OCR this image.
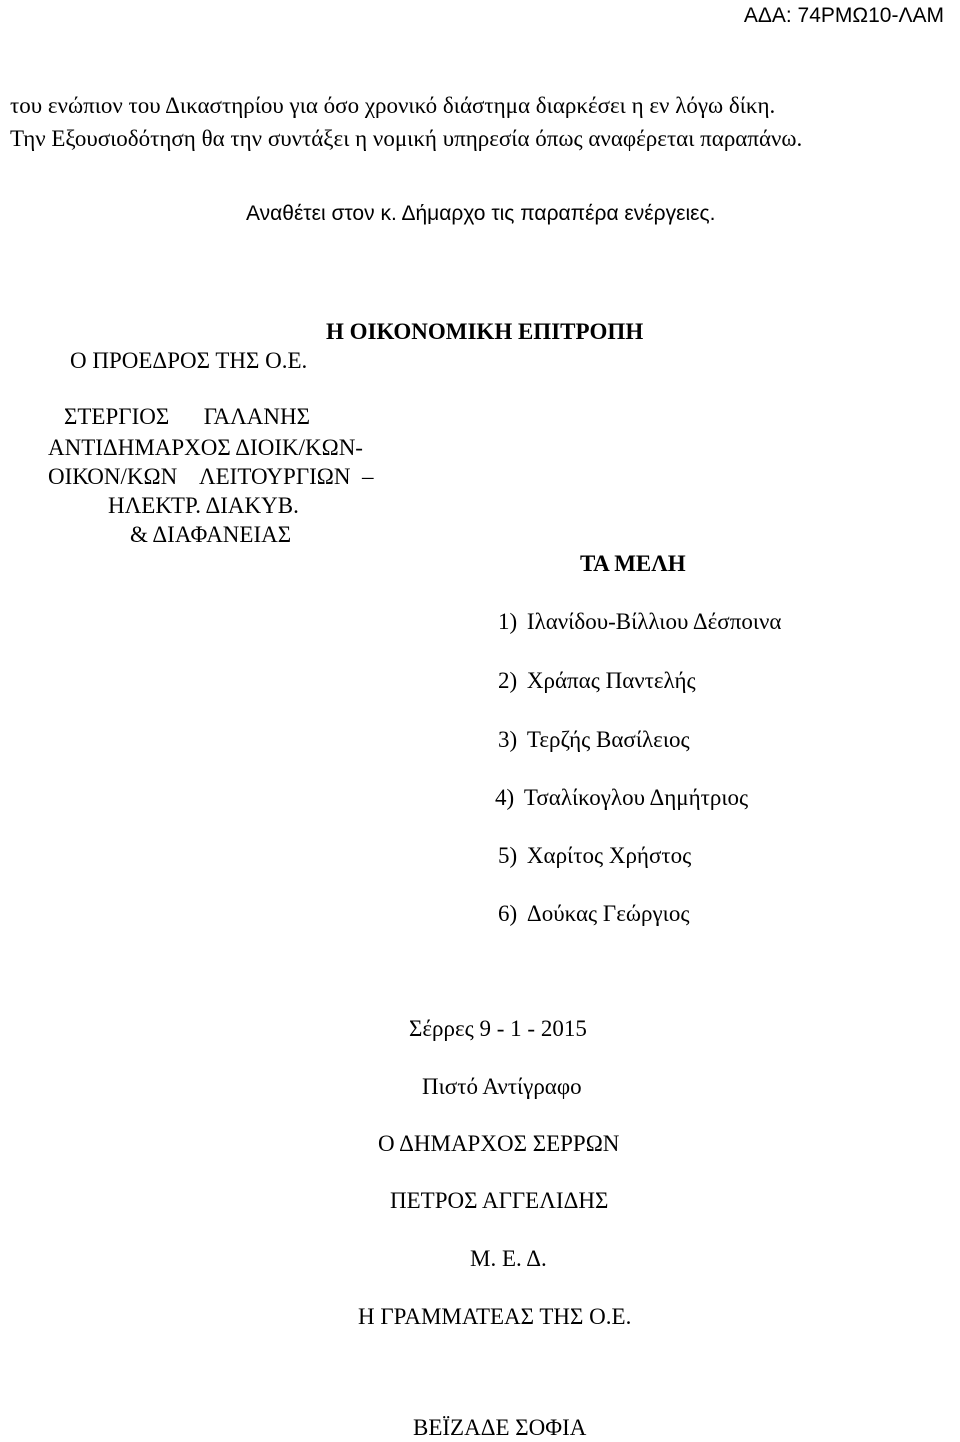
ΑΔΑ: 74ΡΜΩ10-ΛΑΜ
του ενώπιον του Δικαστηρίου για όσο χρονικό διάστημα διαρκέσει η εν λόγω δίκη.
Την Εξουσιοδότηση θα την συντάξει η νομική υπηρεσία όπως αναφέρεται παραπάνω.
Αναθέτει στον κ. Δήμαρχο τις παραπέρα ενέργειες.
Η ΟΙΚΟΝΟΜΙΚΗ ΕΠΙΤΡΟΠΗ
Ο ΠΡΟΕΔΡΟΣ ΤΗΣ Ο.Ε.
ΣΤΕΡΓΙΟΣ      ΓΑΛΑΝΗΣ
ΑΝΤΙΔΗΜΑΡΧΟΣ ΔΙΟΙΚ/ΚΩΝ-
ΟΙΚΟΝ/ΚΩΝ    ΛΕΙΤΟΥΡΓΙΩΝ  –
ΗΛΕΚΤΡ. ΔΙΑΚΥΒ.
& ΔΙΑΦΑΝΕΙΑΣ
ΤΑ ΜΕΛΗ
1) Ιλανίδου-Βίλλιου Δέσποινα
2) Χράπας Παντελής
3) Τερζής Βασίλειος
4) Τσαλίκογλου Δημήτριος
5) Χαρίτος Χρήστος
6) Δούκας Γεώργιος
Σέρρες 9 - 1 - 2015
Πιστό Αντίγραφο
Ο ΔΗΜΑΡΧΟΣ ΣΕΡΡΩΝ
ΠΕΤΡΟΣ ΑΓΓΕΛΙΔΗΣ
Μ. Ε. Δ.
Η ΓΡΑΜΜΑΤΕΑΣ ΤΗΣ Ο.Ε.
ΒΕΪΖΑΔΕ ΣΟΦΙΑ
